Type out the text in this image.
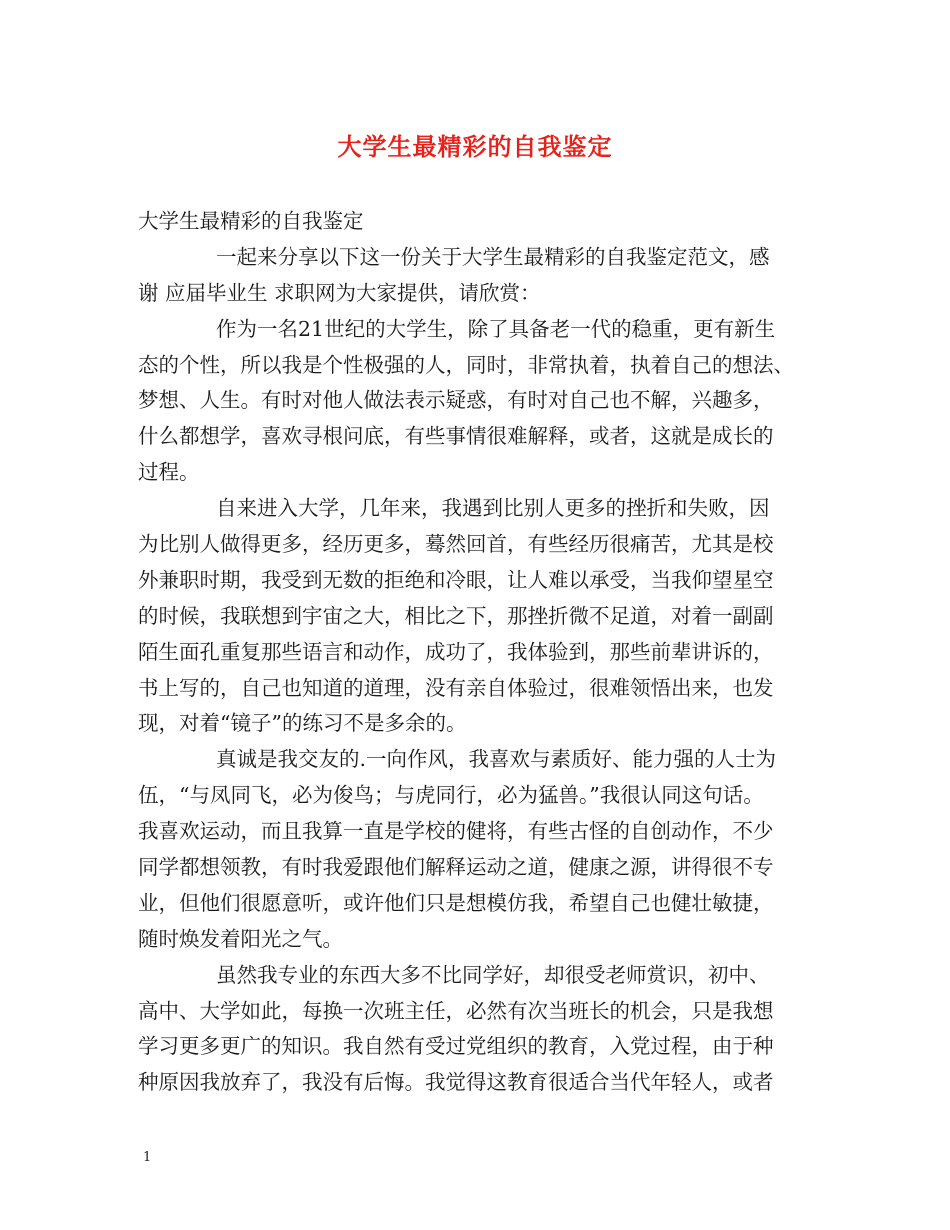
大学生最精彩的自我鉴定
大学生最精彩的自我鉴定
一起来分享以下这一份关于大学生最精彩的自我鉴定范文，感
谢 应届毕业生 求职网为大家提供，请欣赏：
作为一名21世纪的大学生，除了具备老一代的稳重，更有新生
态的个性，所以我是个性极强的人，同时，非常执着，执着自己的想法、
梦想、人生。有时对他人做法表示疑惑，有时对自己也不解，兴趣多，
什么都想学，喜欢寻根问底，有些事情很难解释，或者，这就是成长的
过程。
自来进入大学，几年来，我遇到比别人更多的挫折和失败，因
为比别人做得更多，经历更多，蓦然回首，有些经历很痛苦，尤其是校
外兼职时期，我受到无数的拒绝和冷眼，让人难以承受，当我仰望星空
的时候，我联想到宇宙之大，相比之下，那挫折微不足道，对着一副副
陌生面孔重复那些语言和动作，成功了，我体验到，那些前辈讲诉的，
书上写的，自己也知道的道理，没有亲自体验过，很难领悟出来，也发
现，对着“镜子”的练习不是多余的。
真诚是我交友的.一向作风，我喜欢与素质好、能力强的人士为
伍，“与凤同飞，必为俊鸟；与虎同行，必为猛兽。”我很认同这句话。
我喜欢运动，而且我算一直是学校的健将，有些古怪的自创动作，不少
同学都想领教，有时我爱跟他们解释运动之道，健康之源，讲得很不专
业，但他们很愿意听，或许他们只是想模仿我，希望自己也健壮敏捷，
随时焕发着阳光之气。
虽然我专业的东西大多不比同学好，却很受老师赏识，初中、
高中、大学如此，每换一次班主任，必然有次当班长的机会，只是我想
学习更多更广的知识。我自然有受过党组织的教育，入党过程，由于种
种原因我放弃了，我没有后悔。我觉得这教育很适合当代年轻人，或者
1
